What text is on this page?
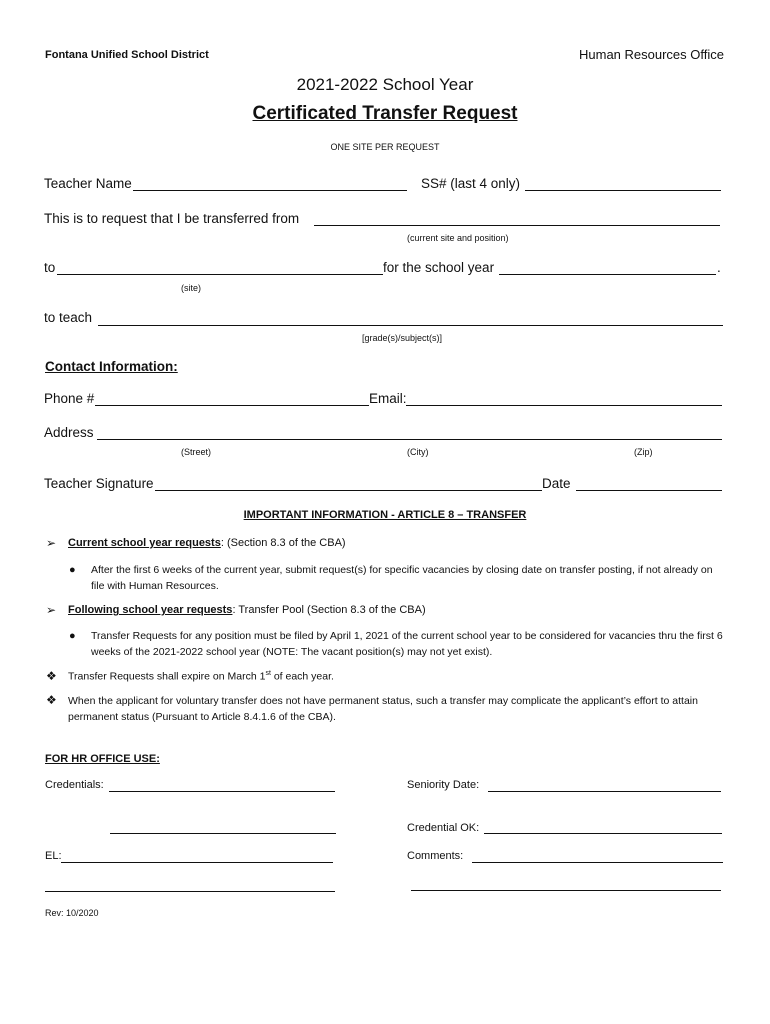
Fontana Unified School District	Human Resources Office
2021-2022 School Year
Certificated Transfer Request
ONE SITE PER REQUEST
Teacher Name	SS# (last 4 only)
This is to request that I be transferred from
(current site and position)
to	for the school year	.
(site)
to teach
[grade(s)/subject(s)]
Contact Information:
Phone #	Email:
Address
(Street)	(City)	(Zip)
Teacher Signature	Date
IMPORTANT INFORMATION - ARTICLE 8 – TRANSFER
➢ Current school year requests: (Section 8.3 of the CBA)
● After the first 6 weeks of the current year, submit request(s) for specific vacancies by closing date on transfer posting, if not already on file with Human Resources.
➢ Following school year requests: Transfer Pool (Section 8.3 of the CBA)
● Transfer Requests for any position must be filed by April 1, 2021 of the current school year to be considered for vacancies thru the first 6 weeks of the 2021-2022 school year (NOTE: The vacant position(s) may not yet exist).
❖ Transfer Requests shall expire on March 1st of each year.
❖ When the applicant for voluntary transfer does not have permanent status, such a transfer may complicate the applicant’s effort to attain permanent status (Pursuant to Article 8.4.1.6 of the CBA).
FOR HR OFFICE USE:
Credentials:	Seniority Date:
Credential OK:
EL:	Comments:
Rev: 10/2020
